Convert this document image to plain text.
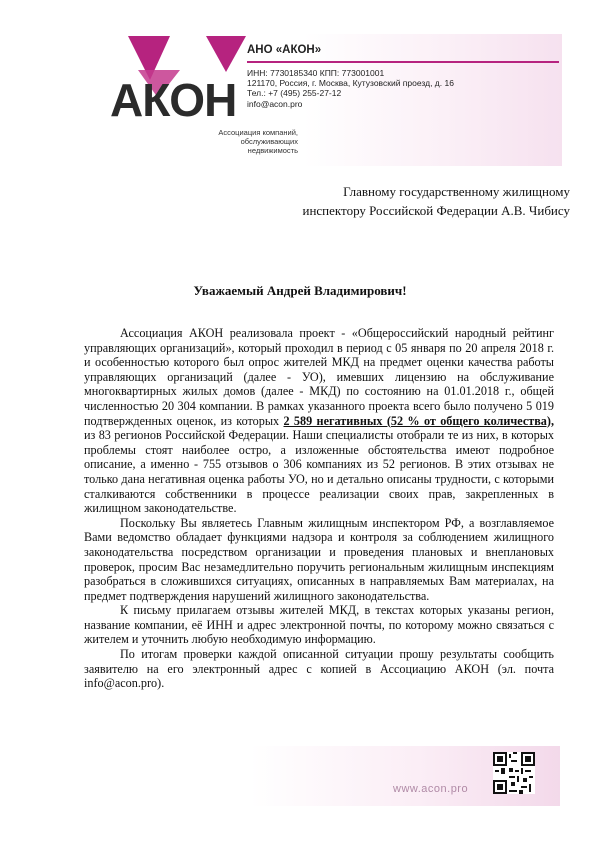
АКОН
Ассоциация компаний,
обслуживающих
недвижимость
АНО «АКОН»
ИНН: 7730185340 КПП: 773001001
121170, Россия, г. Москва, Кутузовский проезд, д. 16
Тел.: +7 (495) 255-27-12
info@acon.pro
Главному государственному жилищному
инспектору Российской Федерации А.В. Чибису
Уважаемый Андрей Владимирович!

Ассоциация АКОН реализовала проект - «Общероссийский народный рейтинг управляющих организаций», который проходил в период с 05 января по 20 апреля 2018 г. и особенностью которого был опрос жителей МКД на предмет оценки качества работы управляющих организаций (далее - УО), имевших лицензию на обслуживание многоквартирных жилых домов (далее - МКД) по состоянию на 01.01.2018 г., общей численностью 20 304 компании. В рамках указанного проекта всего было получено 5 019 подтвержденных оценок, из которых 2 589 негативных (52 % от общего количества), из 83 регионов Российской Федерации. Наши специалисты отобрали те из них, в которых проблемы стоят наиболее остро, а изложенные обстоятельства имеют подробное описание, а именно - 755 отзывов о 306 компаниях из 52 регионов. В этих отзывах не только дана негативная оценка работы УО, но и детально описаны трудности, с которыми сталкиваются собственники в процессе реализации своих прав, закрепленных в жилищном законодательстве.

Поскольку Вы являетесь Главным жилищным инспектором РФ, а возглавляемое Вами ведомство обладает функциями надзора и контроля за соблюдением жилищного законодательства посредством организации и проведения плановых и внеплановых проверок, просим Вас незамедлительно поручить региональным жилищным инспекциям разобраться в сложившихся ситуациях, описанных в направляемых Вам материалах, на предмет подтверждения нарушений жилищного законодательства.

К письму прилагаем отзывы жителей МКД, в текстах которых указаны регион, название компании, её ИНН и адрес электронной почты, по которому можно связаться с жителем и уточнить любую необходимую информацию.

По итогам проверки каждой описанной ситуации прошу результаты сообщить заявителю на его электронный адрес с копией в Ассоциацию АКОН (эл. почта info@acon.pro).

www.acon.pro
